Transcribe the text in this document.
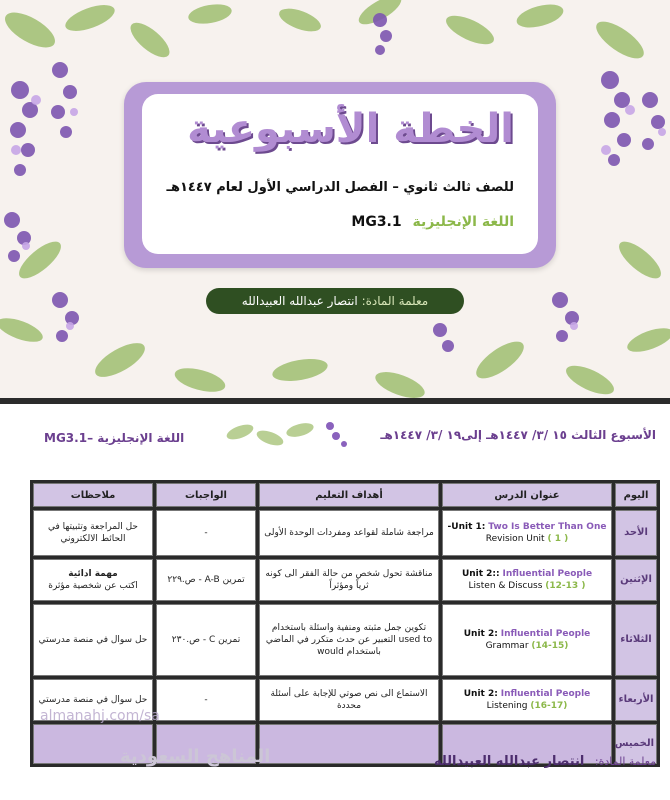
الخطة الأسبوعية
للصف ثالث ثانوي – الفصل الدراسي الأول لعام ١٤٤٧هـ
اللغة الإنجليزية MG3.1
معلمة المادة: انتصار عبدالله العبيدالله
الأسبوع الثالث ١٥ /٣/ ١٤٤٧هـ إلى١٩ /٣/ ١٤٤٧هـ
اللغة الإنجليزية –MG3.1
اليوم	عنوان الدرس	أهداف التعليم	الواجبات	ملاحظات
الأحد	-Unit 1: Two Is Better Than One
Revision Unit ( 1 )	مراجعة شاملة لقواعد ومفردات الوحدة الأولى	-	حل المراجعة وتثبيتها في الحائط الالكتروني
الإثنين	Unit 2:: Influential People
Listen & Discuss (12-13 )	مناقشة تحول شخص من حالة الفقر الى كونه ثرياً ومؤثراً	تمرين A-B - ص.٢٢٩	مهمة ادائية
اكتب عن شخصية مؤثرة
الثلاثاء	Unit 2: Influential People
Grammar (14-15)	تكوين جمل مثبته ومنفية واسئلة باستخدام used to التعبير عن حدث متكرر في الماضي باستخدام would	تمرين C - ص.٢٣٠	حل سوال في منصة مدرستي
الأربعاء	Unit 2: Influential People
Listening (16-17)	الاستماع الى نص صوتي للإجابة على أسئلة محددة	-	حل سوال في منصة مدرستي
الخميس				
almanahj.com/sa
المناهج السعودية	معلمة المادة: انتصار عبدالله العبيدالله
